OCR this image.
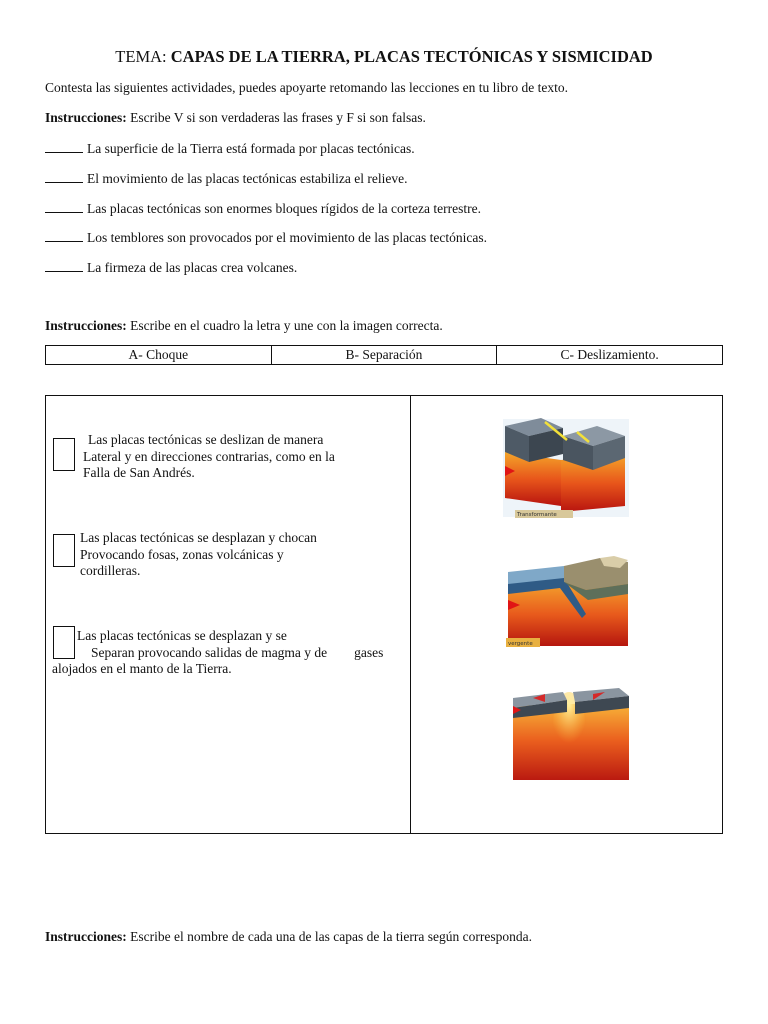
TEMA: CAPAS DE LA TIERRA, PLACAS TECTÓNICAS Y SISMICIDAD
Contesta las siguientes actividades, puedes apoyarte retomando las lecciones en tu libro de texto.
Instrucciones: Escribe V si son verdaderas las frases y F si son falsas.
La superficie de la Tierra está formada por placas tectónicas.
El movimiento de las placas tectónicas estabiliza el relieve.
Las placas tectónicas son enormes bloques rígidos de la corteza terrestre.
Los temblores son provocados por el movimiento de las placas tectónicas.
La firmeza de las placas crea volcanes.
Instrucciones: Escribe en el cuadro la letra y une con la imagen correcta.
A- Choque	B- Separación	C- Deslizamiento.
Las placas tectónicas se deslizan de manera
Lateral y en direcciones contrarias, como en la
Falla de San Andrés.
Las placas tectónicas se desplazan y chocan
Provocando fosas, zonas volcánicas y
cordilleras.
Las placas tectónicas se desplazan y se
Separan provocando salidas de magma y de        gases
alojados en el manto de la Tierra.
Transformante
vergente
Instrucciones: Escribe el nombre de cada una de las capas de la tierra según corresponda.
